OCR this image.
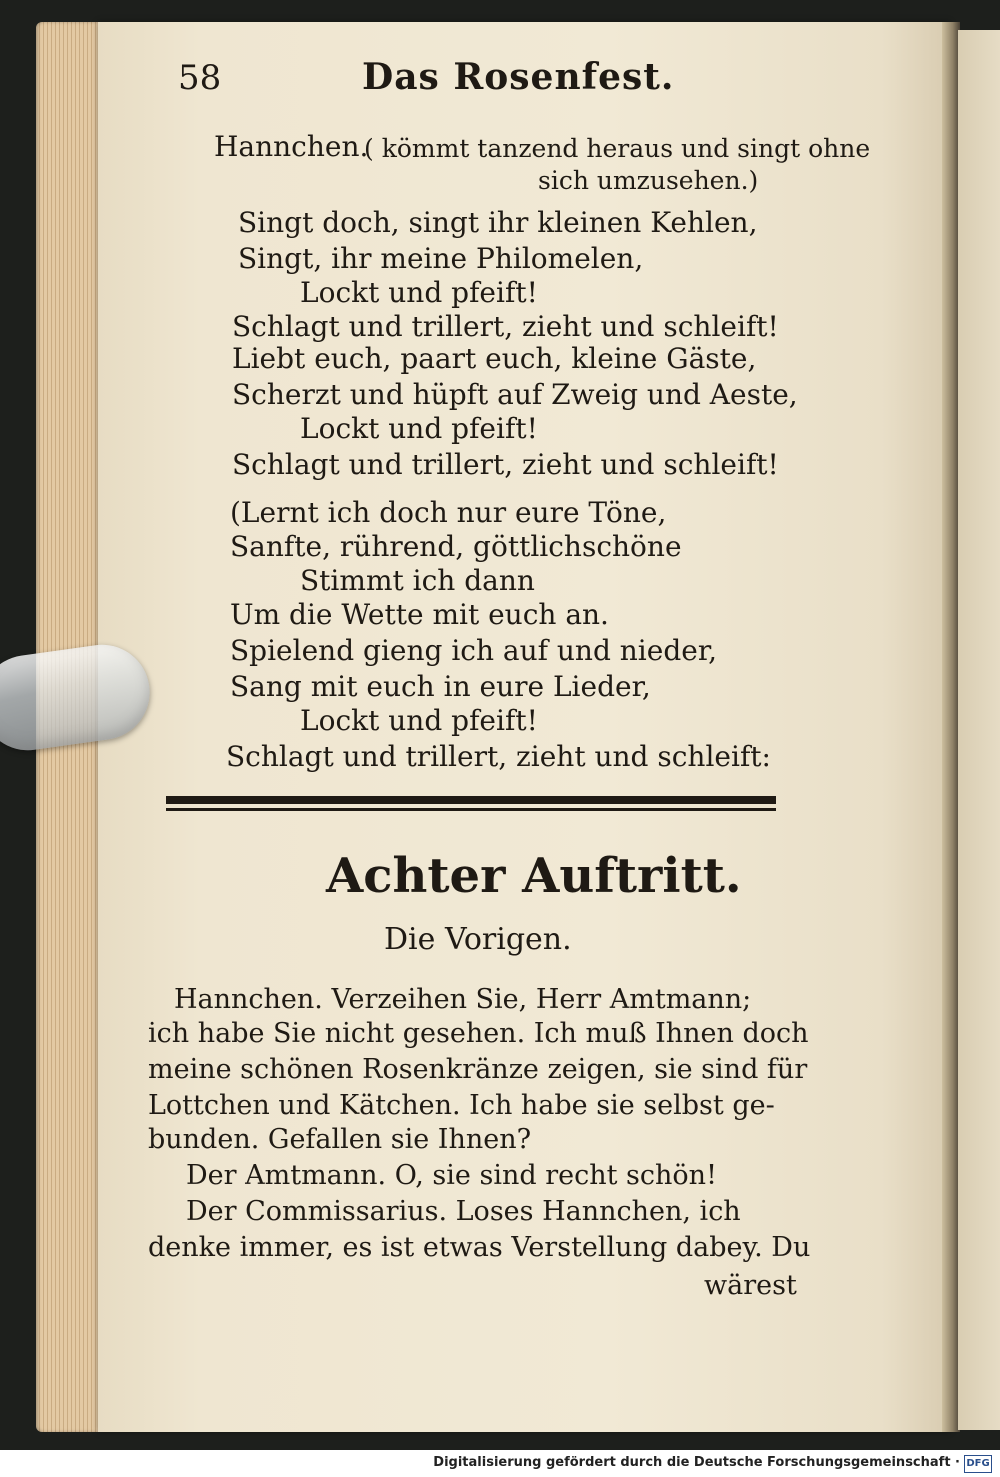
58	Das Rosenfest.
Hannchen.
( kömmt tanzend heraus und singt ohne
sich umzusehen.)
Singt doch, singt ihr kleinen Kehlen,
Singt, ihr meine Philomelen,
Lockt und pfeift!
Schlagt und trillert, zieht und schleift!
Liebt euch, paart euch, kleine Gäste,
Scherzt und hüpft auf Zweig und Aeste,
Lockt und pfeift!
Schlagt und trillert, zieht und schleift!
(Lernt ich doch nur eure Töne,
Sanfte, rührend, göttlichschöne
Stimmt ich dann
Um die Wette mit euch an.
Spielend gieng ich auf und nieder,
Sang mit euch in eure Lieder,
Lockt und pfeift!
Schlagt und trillert, zieht und schleift:
Achter Auftritt.
Die Vorigen.
Hannchen. Verzeihen Sie, Herr Amtmann;
ich habe Sie nicht gesehen. Ich muß Ihnen doch
meine schönen Rosenkränze zeigen, sie sind für
Lottchen und Kätchen. Ich habe sie selbst ge-
bunden. Gefallen sie Ihnen?
Der Amtmann. O, sie sind recht schön!
Der Commissarius. Loses Hannchen, ich
denke immer, es ist etwas Verstellung dabey. Du
wärest
Digitalisierung gefördert durch die Deutsche Forschungsgemeinschaft · DFG
